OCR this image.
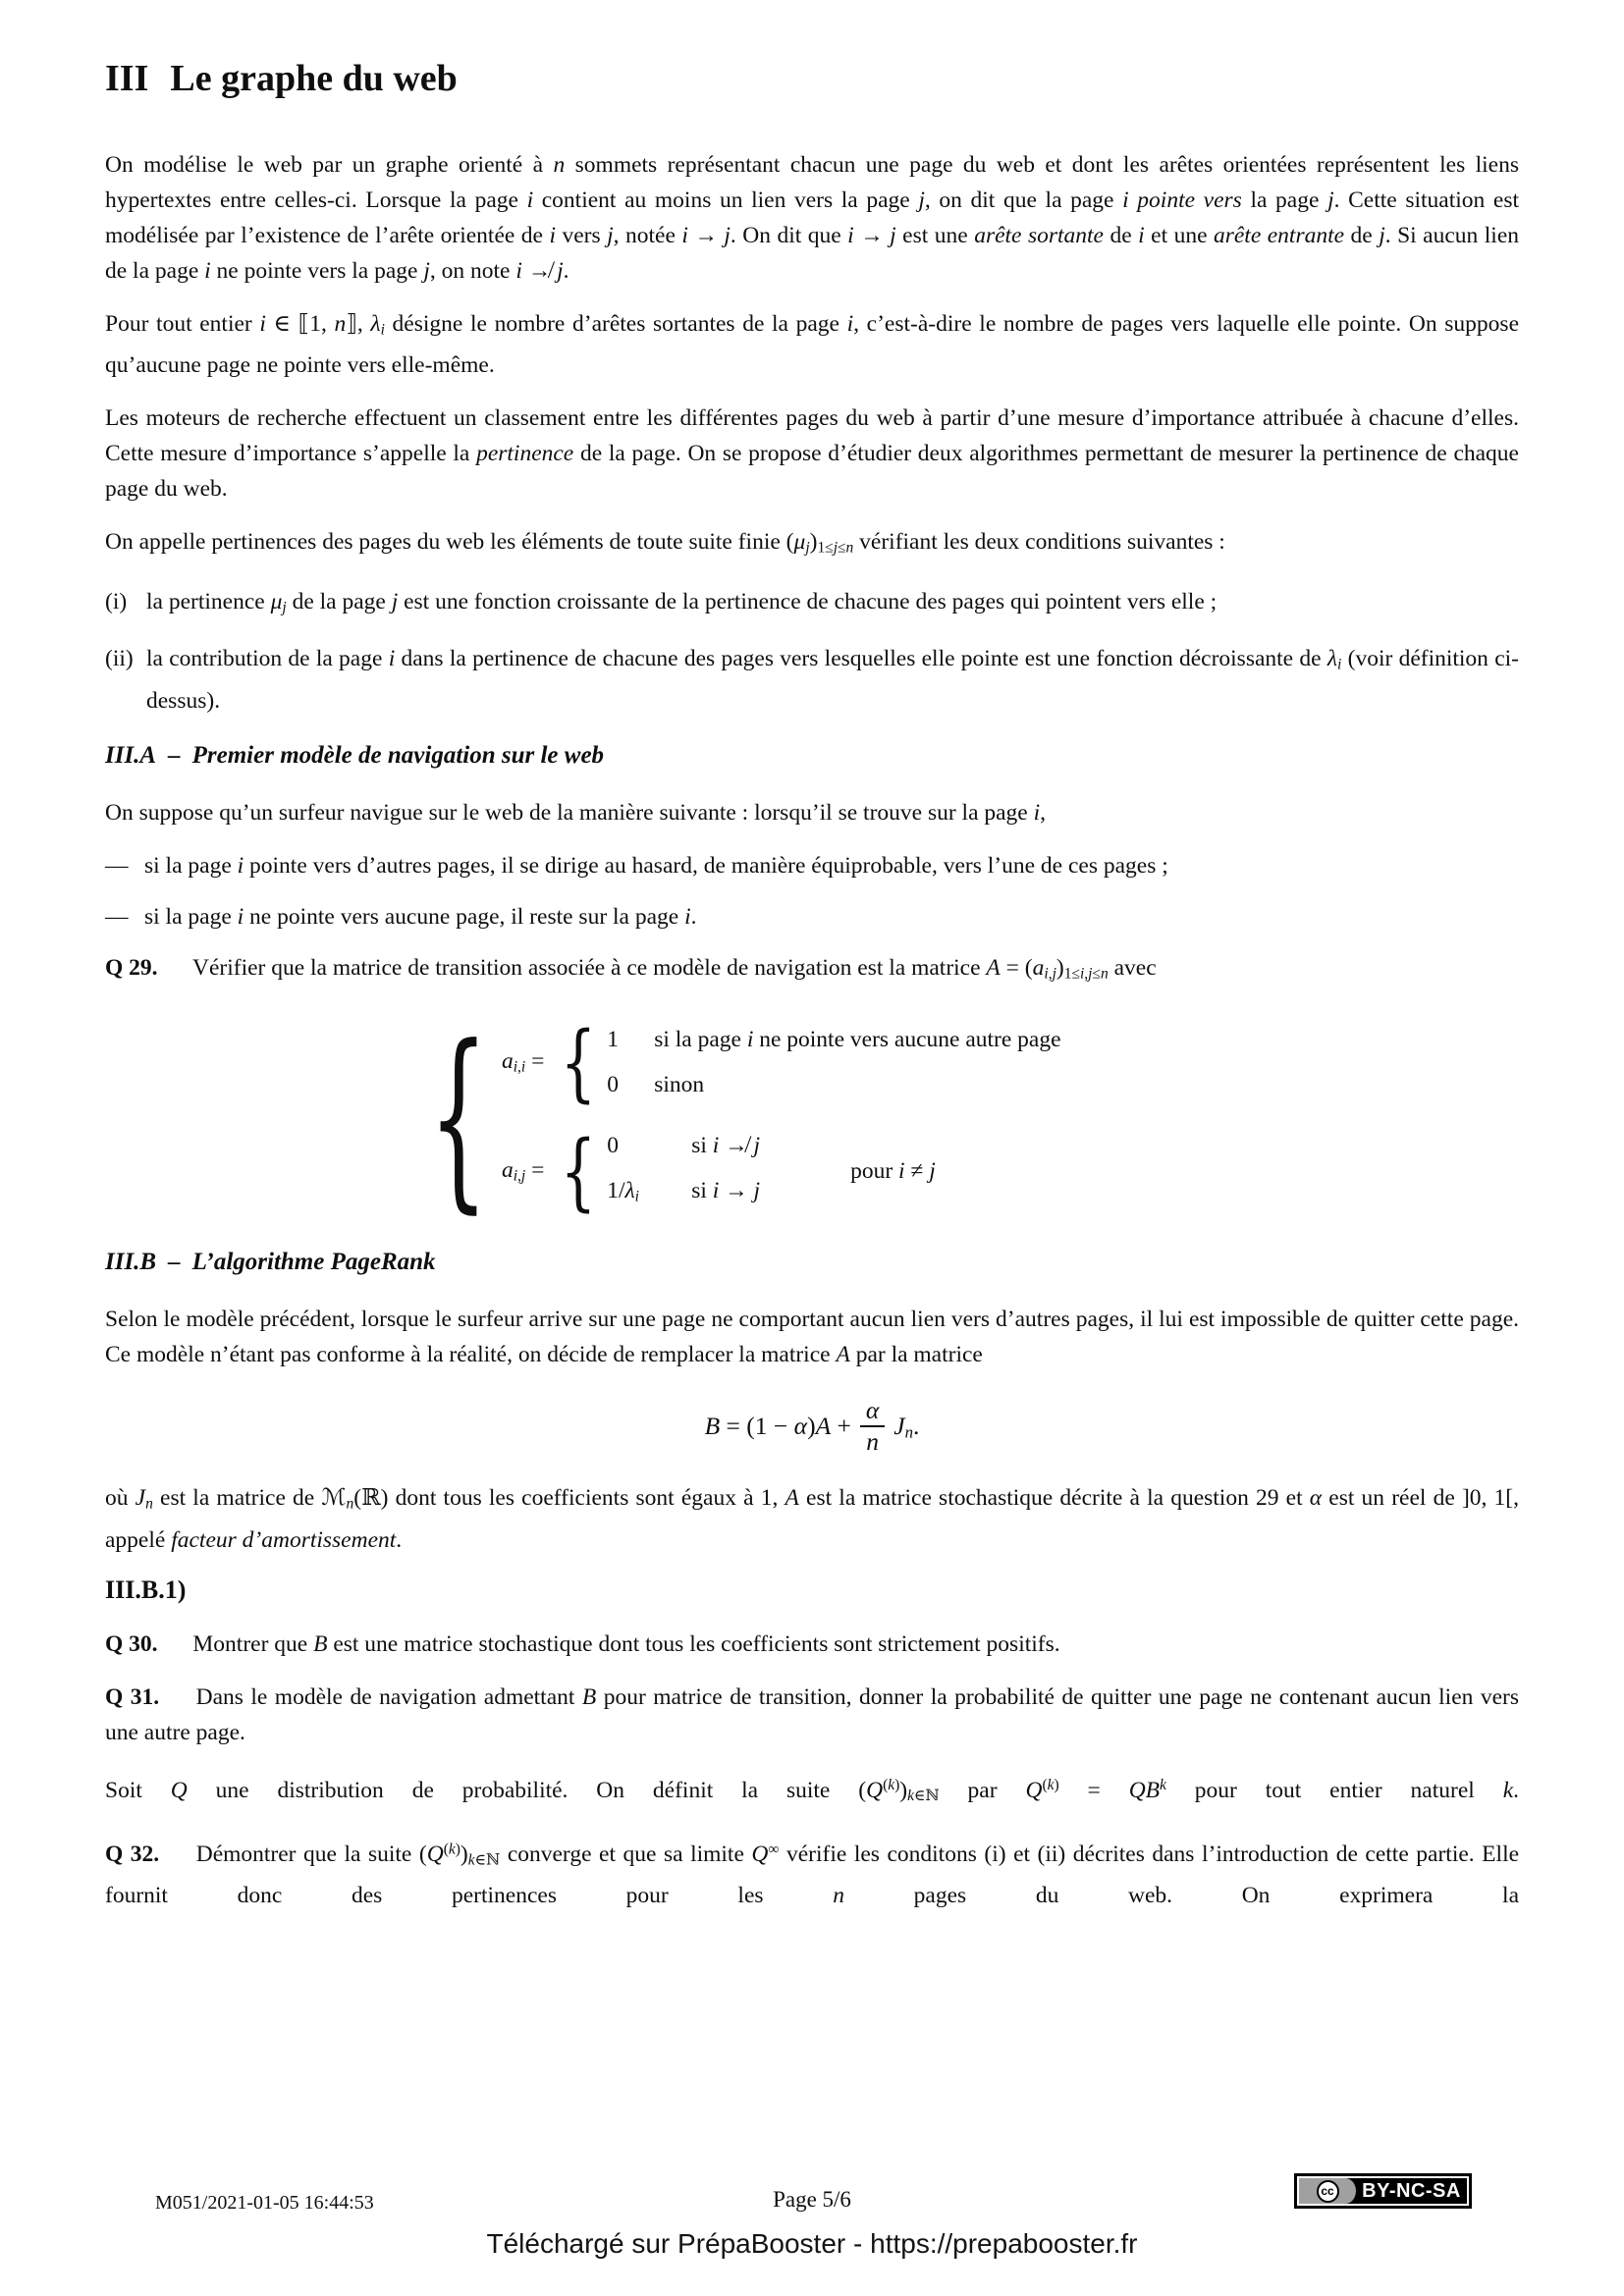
III Le graphe du web

On modélise le web par un graphe orienté à n sommets représentant chacun une page du web et dont les arêtes orientées représentent les liens hypertextes entre celles-ci. Lorsque la page i contient au moins un lien vers la page j, on dit que la page i pointe vers la page j. Cette situation est modélisée par l’existence de l’arête orientée de i vers j, notée i → j. On dit que i → j est une arête sortante de i et une arête entrante de j. Si aucun lien de la page i ne pointe vers la page j, on note i ↛ j.

Pour tout entier i ∈ ⟦1, n⟧, $\lambda_i$ désigne le nombre d’arêtes sortantes de la page i, c’est-à-dire le nombre de pages vers laquelle elle pointe. On suppose qu’aucune page ne pointe vers elle-même.

Les moteurs de recherche effectuent un classement entre les différentes pages du web à partir d’une mesure d’importance attribuée à chacune d’elles. Cette mesure d’importance s’appelle la pertinence de la page. On se propose d’étudier deux algorithmes permettant de mesurer la pertinence de chaque page du web.

On appelle pertinences des pages du web les éléments de toute suite finie $(\mu_j)_{1\le j\le n}$ vérifiant les deux conditions suivantes :

(i) la pertinence $\mu_j$ de la page j est une fonction croissante de la pertinence de chacune des pages qui pointent vers elle ;
(ii) la contribution de la page i dans la pertinence de chacune des pages vers lesquelles elle pointe est une fonction décroissante de $\lambda_i$ (voir définition ci-dessus).
III.A – Premier modèle de navigation sur le web

On suppose qu’un surfeur navigue sur le web de la manière suivante : lorsqu’il se trouve sur la page i,

— si la page i pointe vers d’autres pages, il se dirige au hasard, de manière équiprobable, vers l’une de ces pages ;
— si la page i ne pointe vers aucune page, il reste sur la page i.

Q 29. Vérifier que la matrice de transition associée à ce modèle de navigation est la matrice $A = (a_{i,j})_{1\le i,j\le n}$ avec

{ $a_{i,i}$ = { 1	si la page i ne pointe vers aucune autre page
0	sinon
$a_{i,j}$ = { 0	si i ↛ j
$1/\lambda_i$	si i → j
pour i ≠ j
III.B – L’algorithme PageRank

Selon le modèle précédent, lorsque le surfeur arrive sur une page ne comportant aucun lien vers d’autres pages, il lui est impossible de quitter cette page. Ce modèle n’étant pas conforme à la réalité, on décide de remplacer la matrice A par la matrice

$B = (1 - \alpha)A + \frac{\alpha}{n} J_n$.

où $J_n$ est la matrice de ℳ$_n$(ℝ) dont tous les coefficients sont égaux à 1, A est la matrice stochastique décrite à la question 29 et α est un réel de ]0, 1[, appelé facteur d’amortissement.

III.B.1)

Q 30. Montrer que B est une matrice stochastique dont tous les coefficients sont strictement positifs.

Q 31. Dans le modèle de navigation admettant B pour matrice de transition, donner la probabilité de quitter une page ne contenant aucun lien vers une autre page.

Soit Q une distribution de probabilité. On définit la suite $(Q^{(k)})_{k\in ℕ}$ par $Q^{(k)} = QB^k$ pour tout entier naturel k.

Q 32. Démontrer que la suite $(Q^{(k)})_{k\in ℕ}$ converge et que sa limite Q∞ vérifie les conditons (i) et (ii) décrites dans l’introduction de cette partie. Elle fournit donc des pertinences pour les n pages du web. On exprimera la

M051/2021-01-05 16:44:53	Page 5/6	cc	BY-NC-SA
Téléchargé sur PrépaBooster - https://prepabooster.fr
